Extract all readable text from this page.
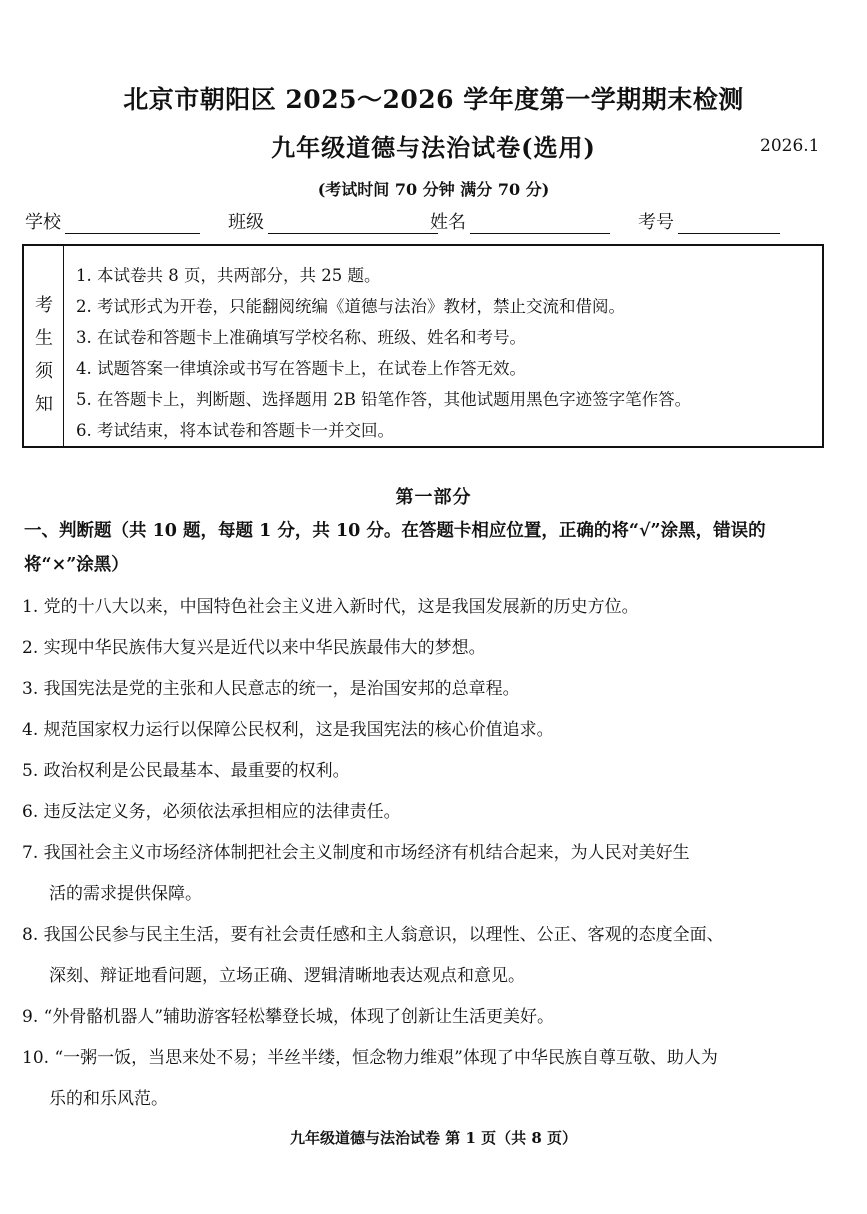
北京市朝阳区 2025～2026 学年度第一学期期末检测
九年级道德与法治试卷(选用)	2026.1
(考试时间 70 分钟 满分 70 分)
学校	班级	姓名	考号
考
生
须
知
1. 本试卷共 8 页，共两部分，共 25 题。
2. 考试形式为开卷，只能翻阅统编《道德与法治》教材，禁止交流和借阅。
3. 在试卷和答题卡上准确填写学校名称、班级、姓名和考号。
4. 试题答案一律填涂或书写在答题卡上，在试卷上作答无效。
5. 在答题卡上，判断题、选择题用 2B 铅笔作答，其他试题用黑色字迹签字笔作答。
6. 考试结束，将本试卷和答题卡一并交回。
第一部分
一、判断题（共 10 题，每题 1 分，共 10 分。在答题卡相应位置，正确的将“√”涂黑，错误的将“×”涂黑）
1. 党的十八大以来，中国特色社会主义进入新时代，这是我国发展新的历史方位。
2. 实现中华民族伟大复兴是近代以来中华民族最伟大的梦想。
3. 我国宪法是党的主张和人民意志的统一，是治国安邦的总章程。
4. 规范国家权力运行以保障公民权利，这是我国宪法的核心价值追求。
5. 政治权利是公民最基本、最重要的权利。
6. 违反法定义务，必须依法承担相应的法律责任。
7. 我国社会主义市场经济体制把社会主义制度和市场经济有机结合起来，为人民对美好生
活的需求提供保障。
8. 我国公民参与民主生活，要有社会责任感和主人翁意识，以理性、公正、客观的态度全面、
深刻、辩证地看问题，立场正确、逻辑清晰地表达观点和意见。
9. “外骨骼机器人”辅助游客轻松攀登长城，体现了创新让生活更美好。
10. “一粥一饭，当思来处不易；半丝半缕，恒念物力维艰”体现了中华民族自尊互敬、助人为
乐的和乐风范。
九年级道德与法治试卷 第 1 页（共 8 页）
